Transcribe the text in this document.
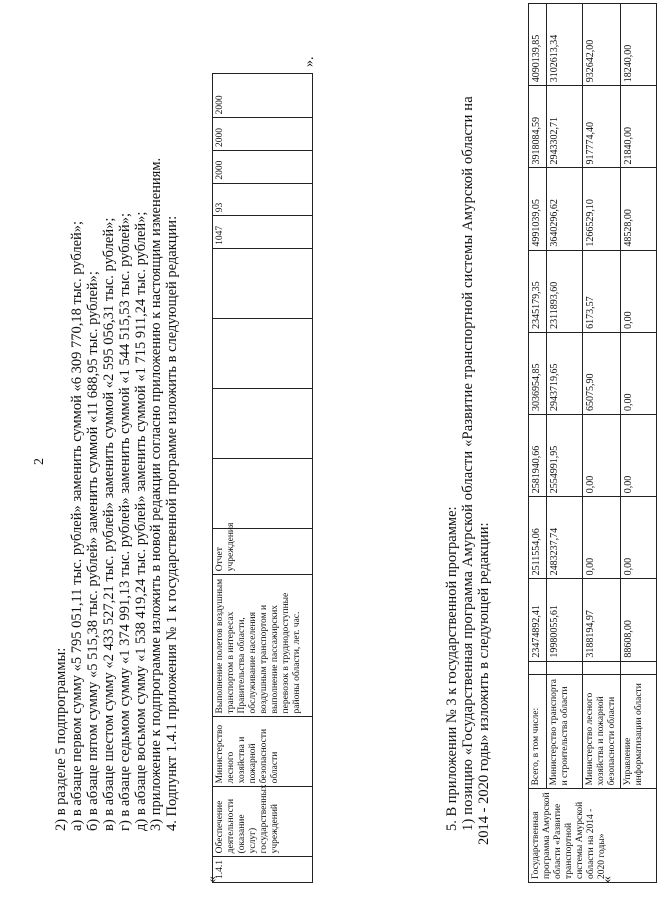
2

2) в разделе 5 подпрограммы: а) в абзаце первом сумму «5 795 051,11 тыс. рублей» заменить суммой «6 309 770,18 тыс. рублей»; б) в абзаце пятом сумму «5 515,38 тыс. рублей» заменить суммой «11 688,95 тыс. рублей»; в) в абзаце шестом сумму «2 433 527,21 тыс. рублей» заменить суммой «2 595 056,31 тыс. рублей»; г) в абзаце седьмом сумму «1 374 991,13 тыс. рублей» заменить суммой «1 544 515,53 тыс. рублей»; д) в абзаце восьмом сумму «1 538 419,24 тыс. рублей» заменить суммой «1 715 911,24 тыс. рублей»; 3) приложение к подпрограмме изложить в новой редакции согласно приложению к настоящим изменениям. 4. Подпункт 1.4.1 приложения № 1 к государственной программе изложить в следующей редакции:

«
1.4.1	Обеспечение деятельности (оказание услуг) государственных учреждений	Министерство лесного хозяйства и пожарной безопасности области	Выполнение полетов воздушным транспортом в интересах Правительства области, обслуживание населения воздушным транспортом и выполнение пассажирских перевозок в труднодоступные районы области, лет. час.	Отчет учреждения					1047	93	2000	2000	2000
».

5. В приложении № 3 к государственной программе: 1) позицию «Государственная программа Амурской области «Развитие транспортной системы Амурской области на 2014 - 2020 годы» изложить в следующей редакции:

«
Государственная программа Амурской области «Развитие транспортной системы Амурской области на 2014 - 2020 годы»	Всего, в том числе:		23474892,41	2511554,06	2581940,66	3036954,85	2345179,35	4991039,05	3918084,59	4090139,85
	Министерство транспорта и строительства области		19980055,61	2483237,74	2554991,95	2943719,65	2311893,60	3640296,62	2943302,71	3102613,34
	Министерство лесного хозяйства и пожарной безопасности области		3188194,97	0,00	0,00	65075,90	6173,57	1266529,10	917774,40	932642,00
	Управление информатизации области		88608,00	0,00	0,00	0,00	0,00	48528,00	21840,00	18240,00
